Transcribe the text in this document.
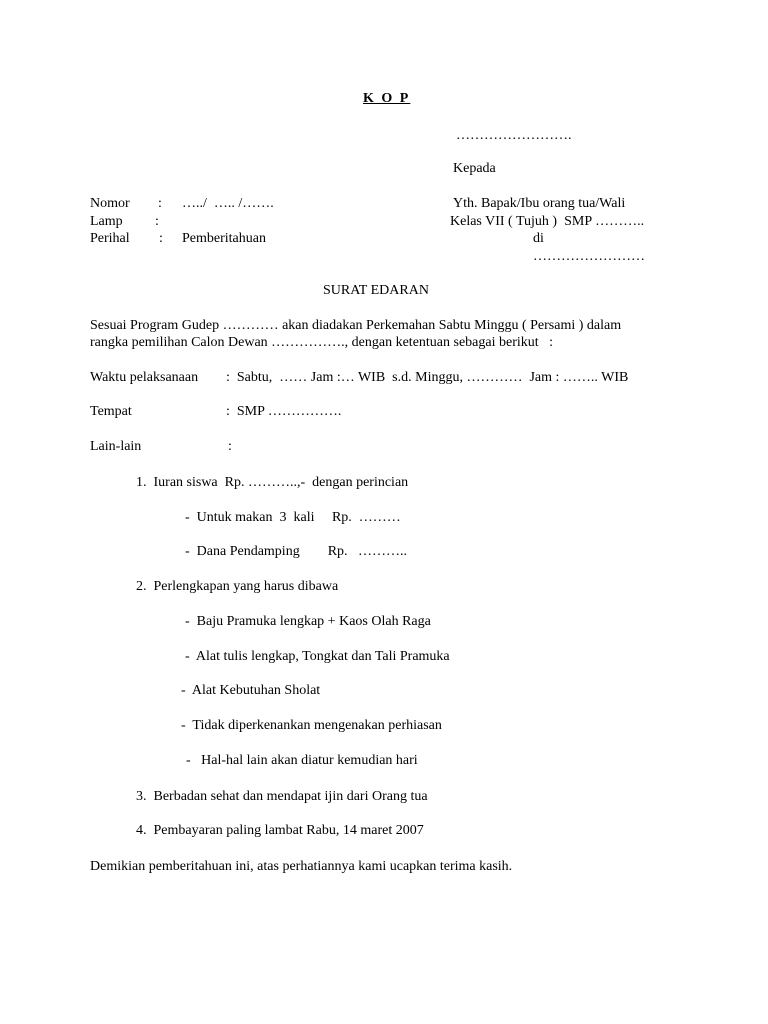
K O P
…………………….
Kepada
Nomor : …../  ….. /…….
Lamp :
Perihal : Pemberitahuan
Yth. Bapak/Ibu orang tua/Wali
Kelas VII ( Tujuh )  SMP ………..
di
……………………
SURAT EDARAN
Sesuai Program Gudep ………… akan diadakan Perkemahan Sabtu Minggu ( Persami ) dalam
rangka pemilihan Calon Dewan ……………., dengan ketentuan sebagai berikut   :
Waktu pelaksanaan :  Sabtu,  …… Jam :… WIB  s.d. Minggu, …………  Jam : …….. WIB
Tempat	:  SMP …………….
Lain-lain	:
1.  Iuran siswa  Rp. ………..,-  dengan perincian
-  Untuk makan  3  kali     Rp.  ………
-  Dana Pendamping        Rp.   ………..
2.  Perlengkapan yang harus dibawa
-  Baju Pramuka lengkap + Kaos Olah Raga
-  Alat tulis lengkap, Tongkat dan Tali Pramuka
-  Alat Kebutuhan Sholat
-  Tidak diperkenankan mengenakan perhiasan
-   Hal-hal lain akan diatur kemudian hari
3.  Berbadan sehat dan mendapat ijin dari Orang tua
4.  Pembayaran paling lambat Rabu, 14 maret 2007
Demikian pemberitahuan ini, atas perhatiannya kami ucapkan terima kasih.
